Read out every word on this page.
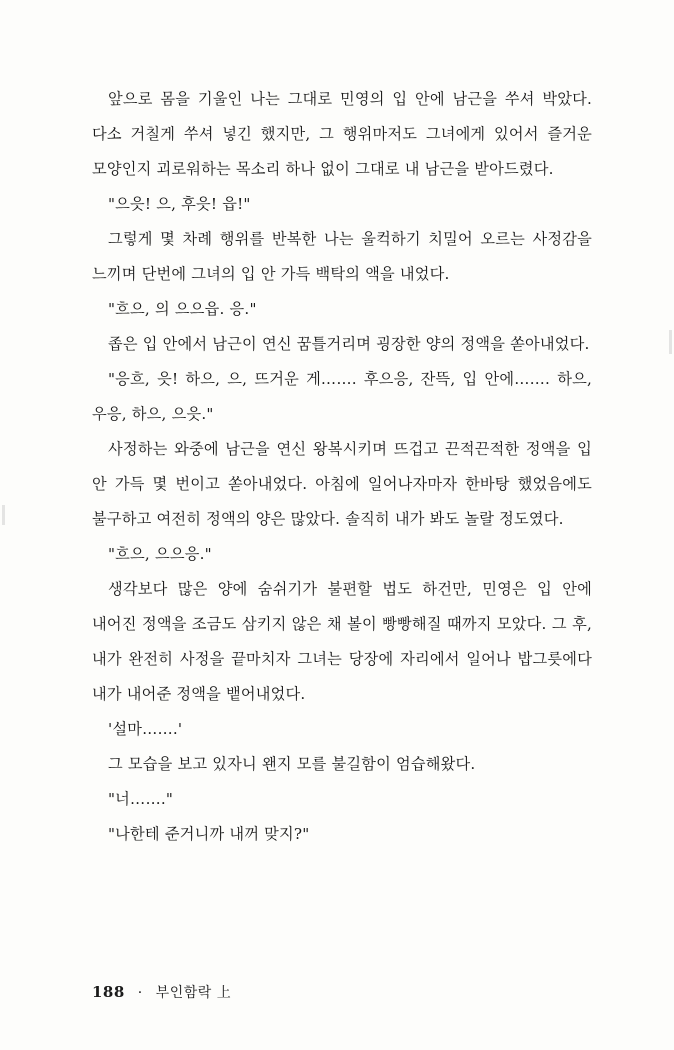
앞으로 몸을 기울인 나는 그대로 민영의 입 안에 남근을 쑤셔 박았다. 다소 거칠게 쑤셔 넣긴 했지만, 그 행위마저도 그녀에게 있어서 즐거운 모양인지 괴로워하는 목소리 하나 없이 그대로 내 남근을 받아드렸다.

"으읏! 으, 후읏! 읍!"

그렇게 몇 차례 행위를 반복한 나는 울컥하기 치밀어 오르는 사정감을 느끼며 단번에 그녀의 입 안 가득 백탁의 액을 내었다.

"흐으, 의 으으읍. 응."

좁은 입 안에서 남근이 연신 꿈틀거리며 굉장한 양의 정액을 쏟아내었다.

"응흐, 읏! 하으, 으, 뜨거운 게……. 후으응, 잔뜩, 입 안에……. 하으, 우응, 하으, 으읏."

사정하는 와중에 남근을 연신 왕복시키며 뜨겁고 끈적끈적한 정액을 입 안 가득 몇 번이고 쏟아내었다. 아침에 일어나자마자 한바탕 했었음에도 불구하고 여전히 정액의 양은 많았다. 솔직히 내가 봐도 놀랄 정도였다.

"흐으, 으으응."

생각보다 많은 양에 숨쉬기가 불편할 법도 하건만, 민영은 입 안에 내어진 정액을 조금도 삼키지 않은 채 볼이 빵빵해질 때까지 모았다. 그 후, 내가 완전히 사정을 끝마치자 그녀는 당장에 자리에서 일어나 밥그릇에다 내가 내어준 정액을 뱉어내었다.

'설마…….'

그 모습을 보고 있자니 왠지 모를 불길함이 엄습해왔다.

"너……."

"나한테 준거니까 내꺼 맞지?"

188 · 부인함락 上
